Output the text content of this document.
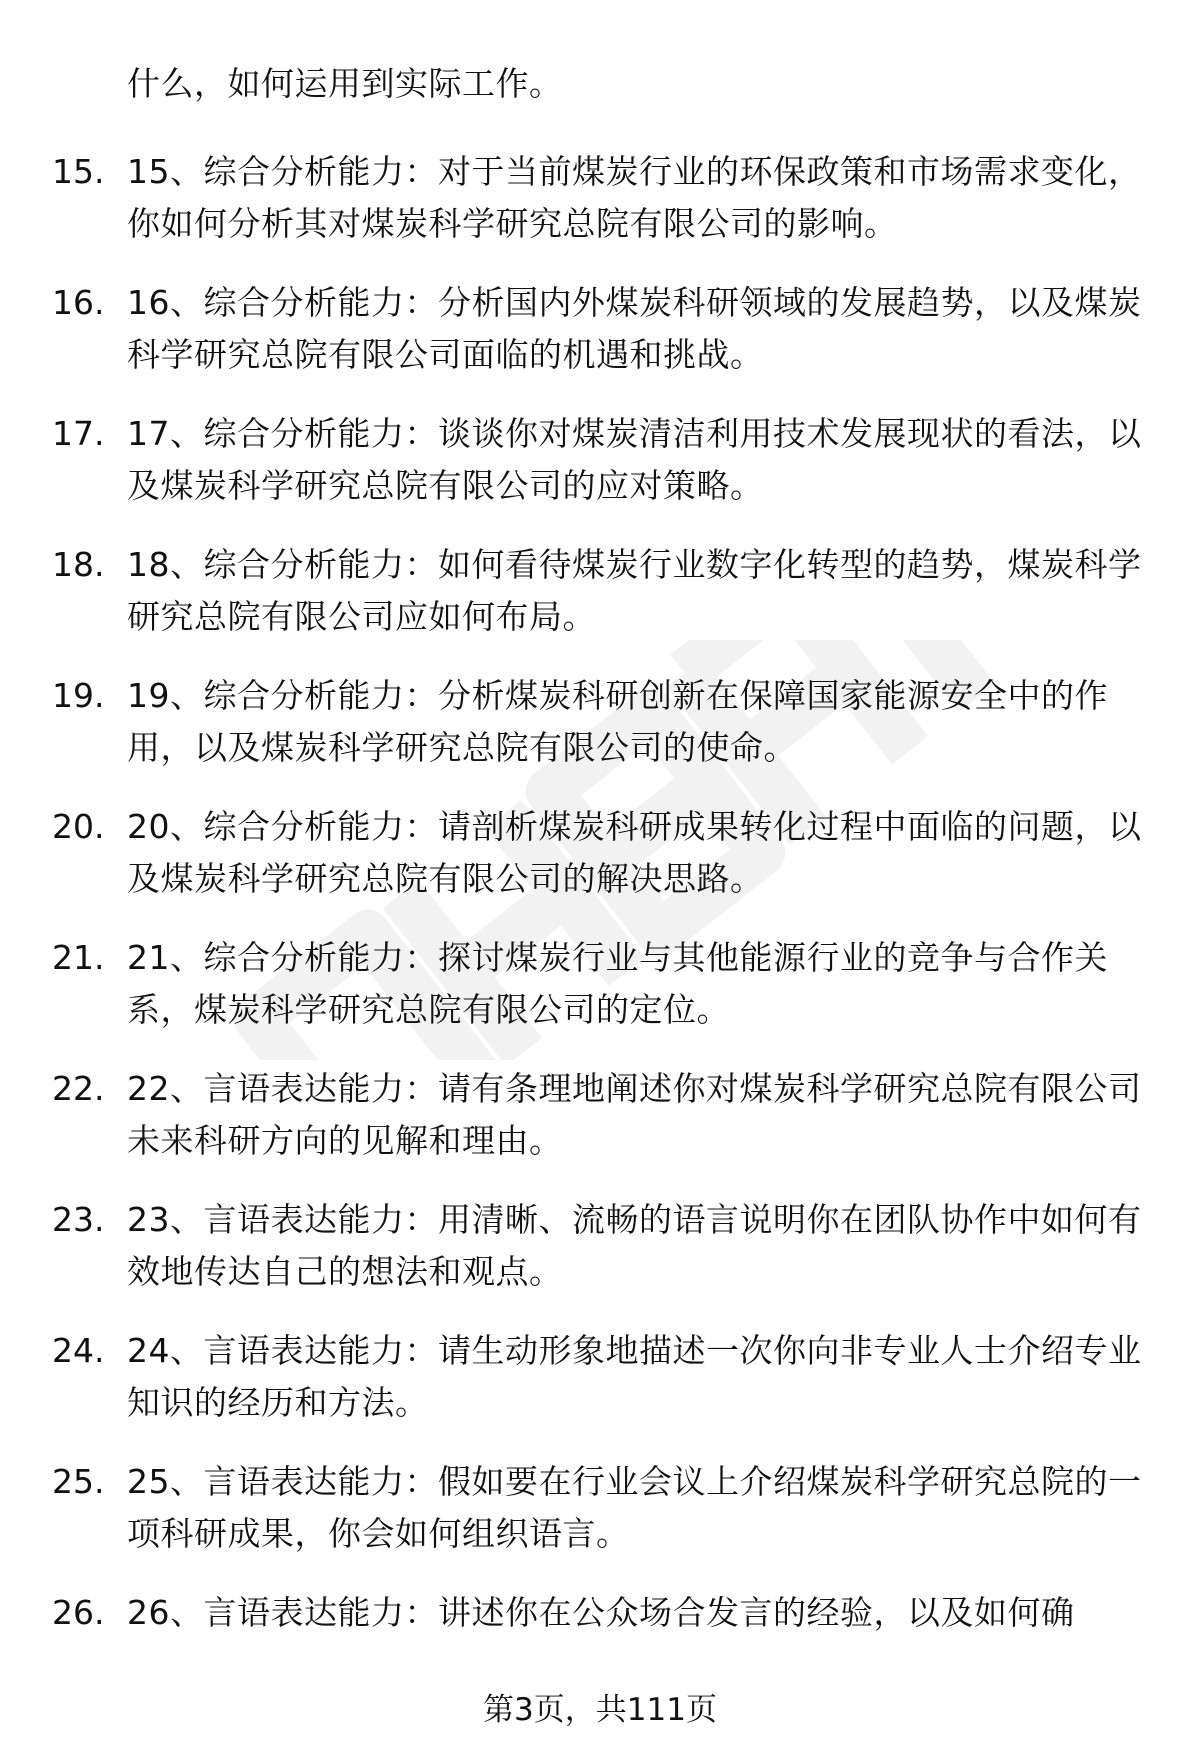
什么，如何运用到实际工作。
15. 15、综合分析能力：对于当前煤炭行业的环保政策和市场需求变化，你如何分析其对煤炭科学研究总院有限公司的影响。
16. 16、综合分析能力：分析国内外煤炭科研领域的发展趋势，以及煤炭科学研究总院有限公司面临的机遇和挑战。
17. 17、综合分析能力：谈谈你对煤炭清洁利用技术发展现状的看法，以及煤炭科学研究总院有限公司的应对策略。
18. 18、综合分析能力：如何看待煤炭行业数字化转型的趋势，煤炭科学研究总院有限公司应如何布局。
19. 19、综合分析能力：分析煤炭科研创新在保障国家能源安全中的作用，以及煤炭科学研究总院有限公司的使命。
20. 20、综合分析能力：请剖析煤炭科研成果转化过程中面临的问题，以及煤炭科学研究总院有限公司的解决思路。
21. 21、综合分析能力：探讨煤炭行业与其他能源行业的竞争与合作关系，煤炭科学研究总院有限公司的定位。
22. 22、言语表达能力：请有条理地阐述你对煤炭科学研究总院有限公司未来科研方向的见解和理由。
23. 23、言语表达能力：用清晰、流畅的语言说明你在团队协作中如何有效地传达自己的想法和观点。
24. 24、言语表达能力：请生动形象地描述一次你向非专业人士介绍专业知识的经历和方法。
25. 25、言语表达能力：假如要在行业会议上介绍煤炭科学研究总院的一项科研成果，你会如何组织语言。
26. 26、言语表达能力：讲述你在公众场合发言的经验，以及如何确
第3页，共111页
